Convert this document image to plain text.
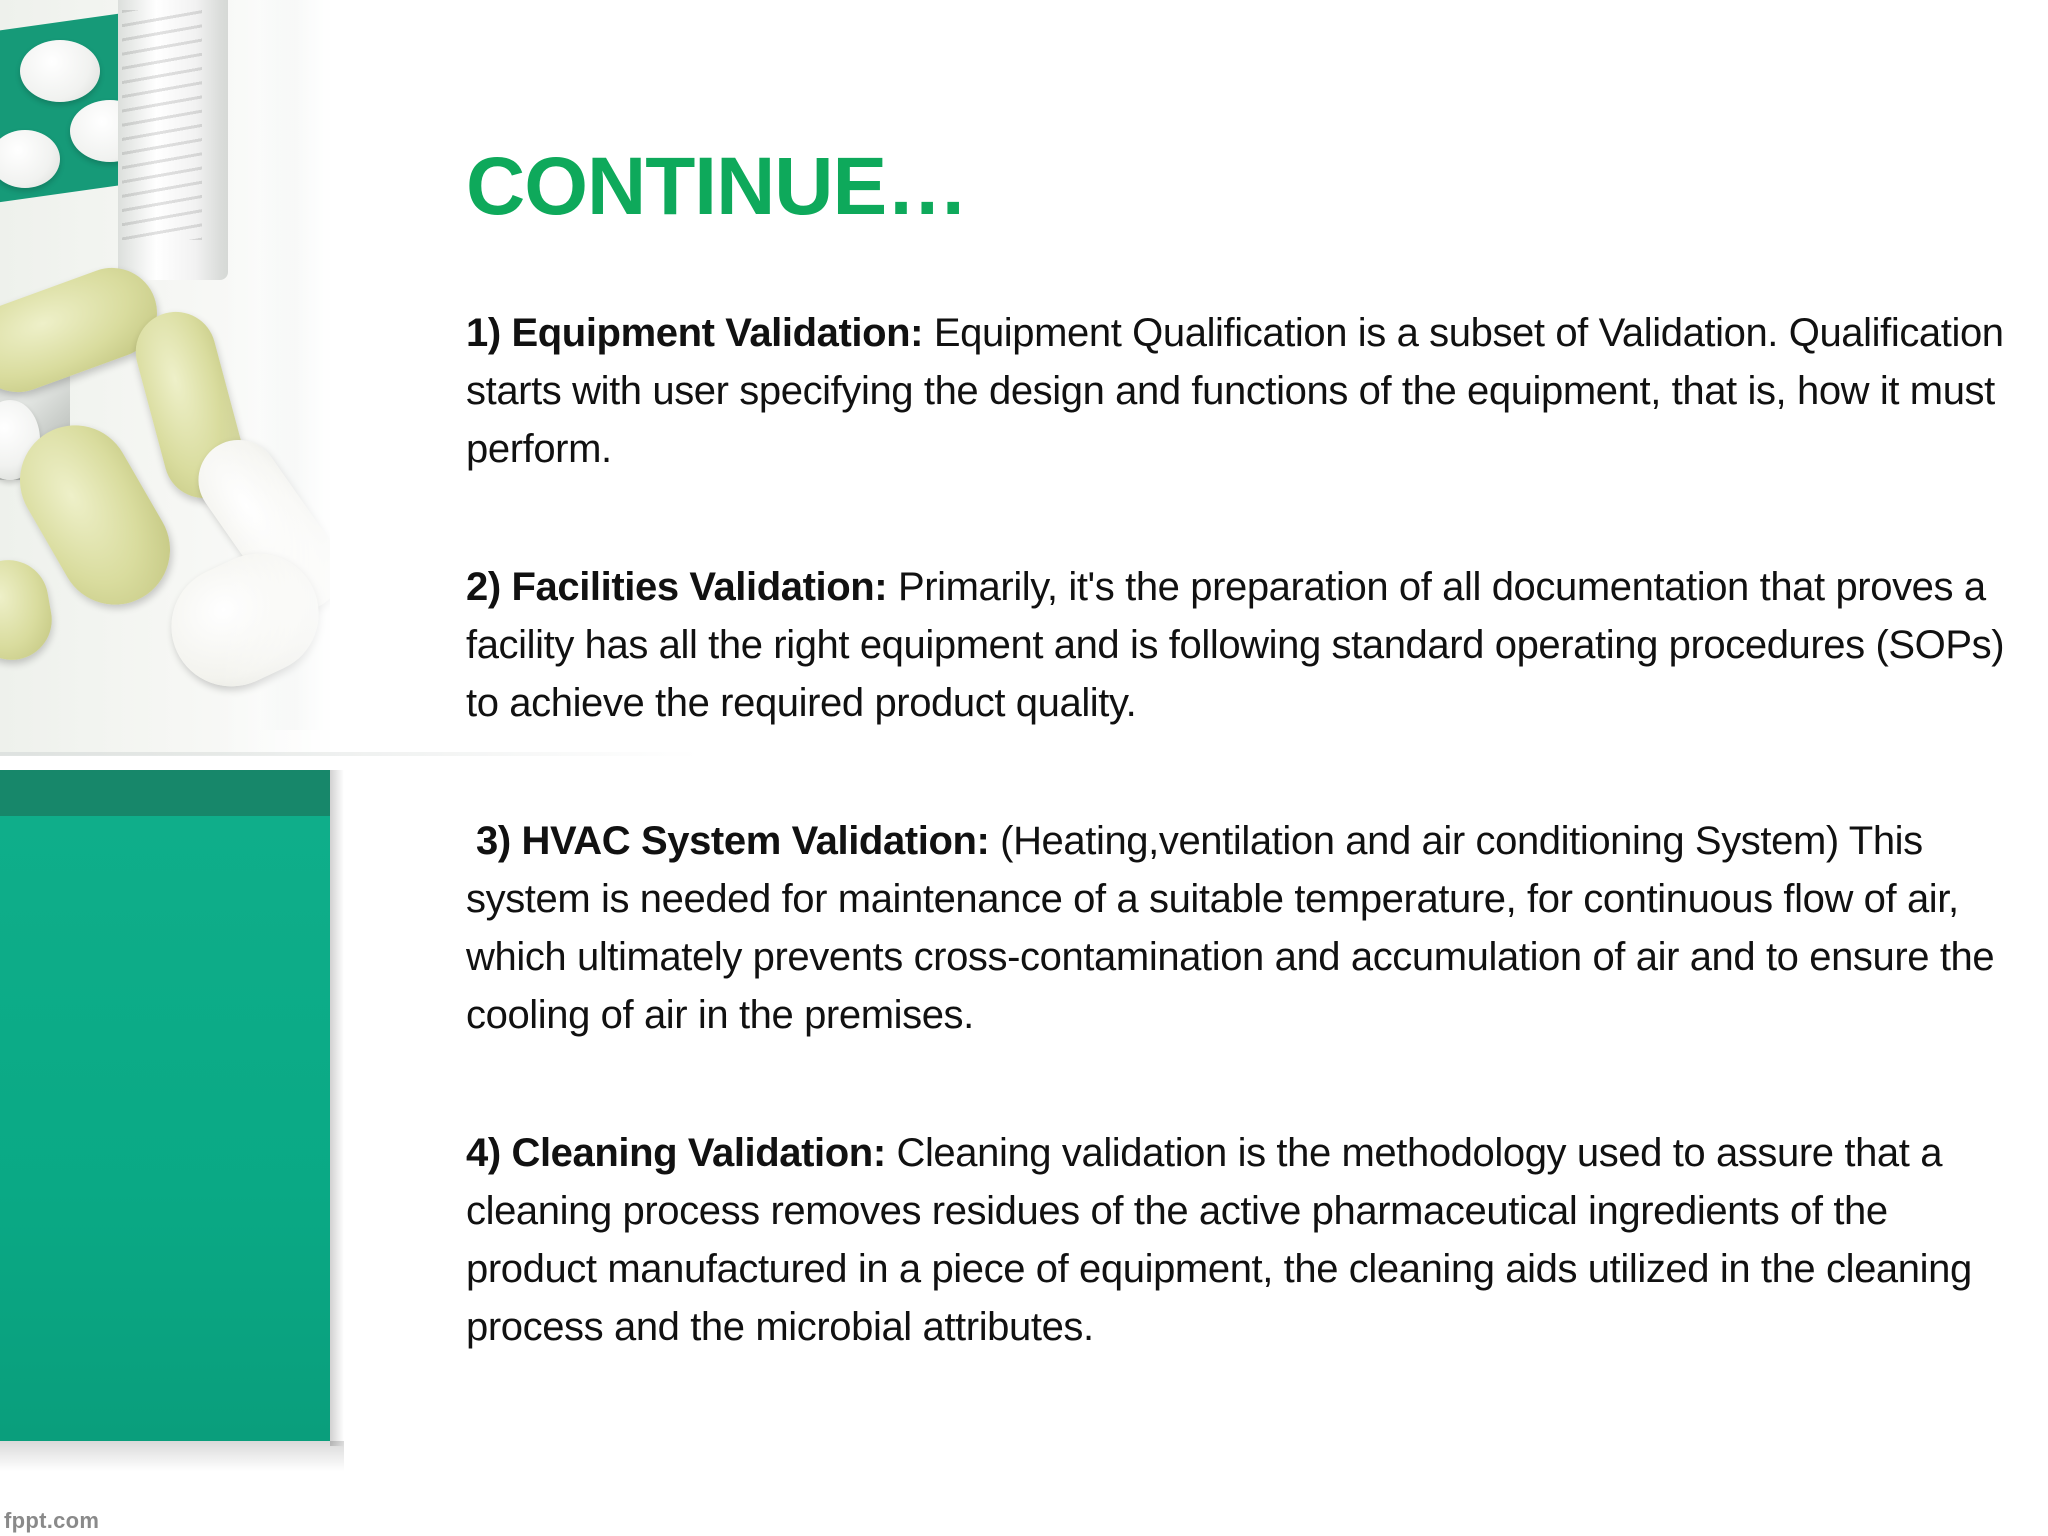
fppt.com
CONTINUE…

1) Equipment Validation: Equipment Qualification is a subset of Validation. Qualification starts with user specifying the design and functions of the equipment, that is, how it must perform.

2) Facilities Validation: Primarily, it's the preparation of all documentation that proves a facility has all the right equipment and is following standard operating procedures (SOPs) to achieve the required product quality.

3) HVAC System Validation: (Heating,ventilation and air conditioning System) This system is needed for maintenance of a suitable temperature, for continuous flow of air, which ultimately prevents cross-contamination and accumulation of air and to ensure the cooling of air in the premises.

4) Cleaning Validation: Cleaning validation is the methodology used to assure that a cleaning process removes residues of the active pharmaceutical ingredients of the product manufactured in a piece of equipment, the cleaning aids utilized in the cleaning process and the microbial attributes.
